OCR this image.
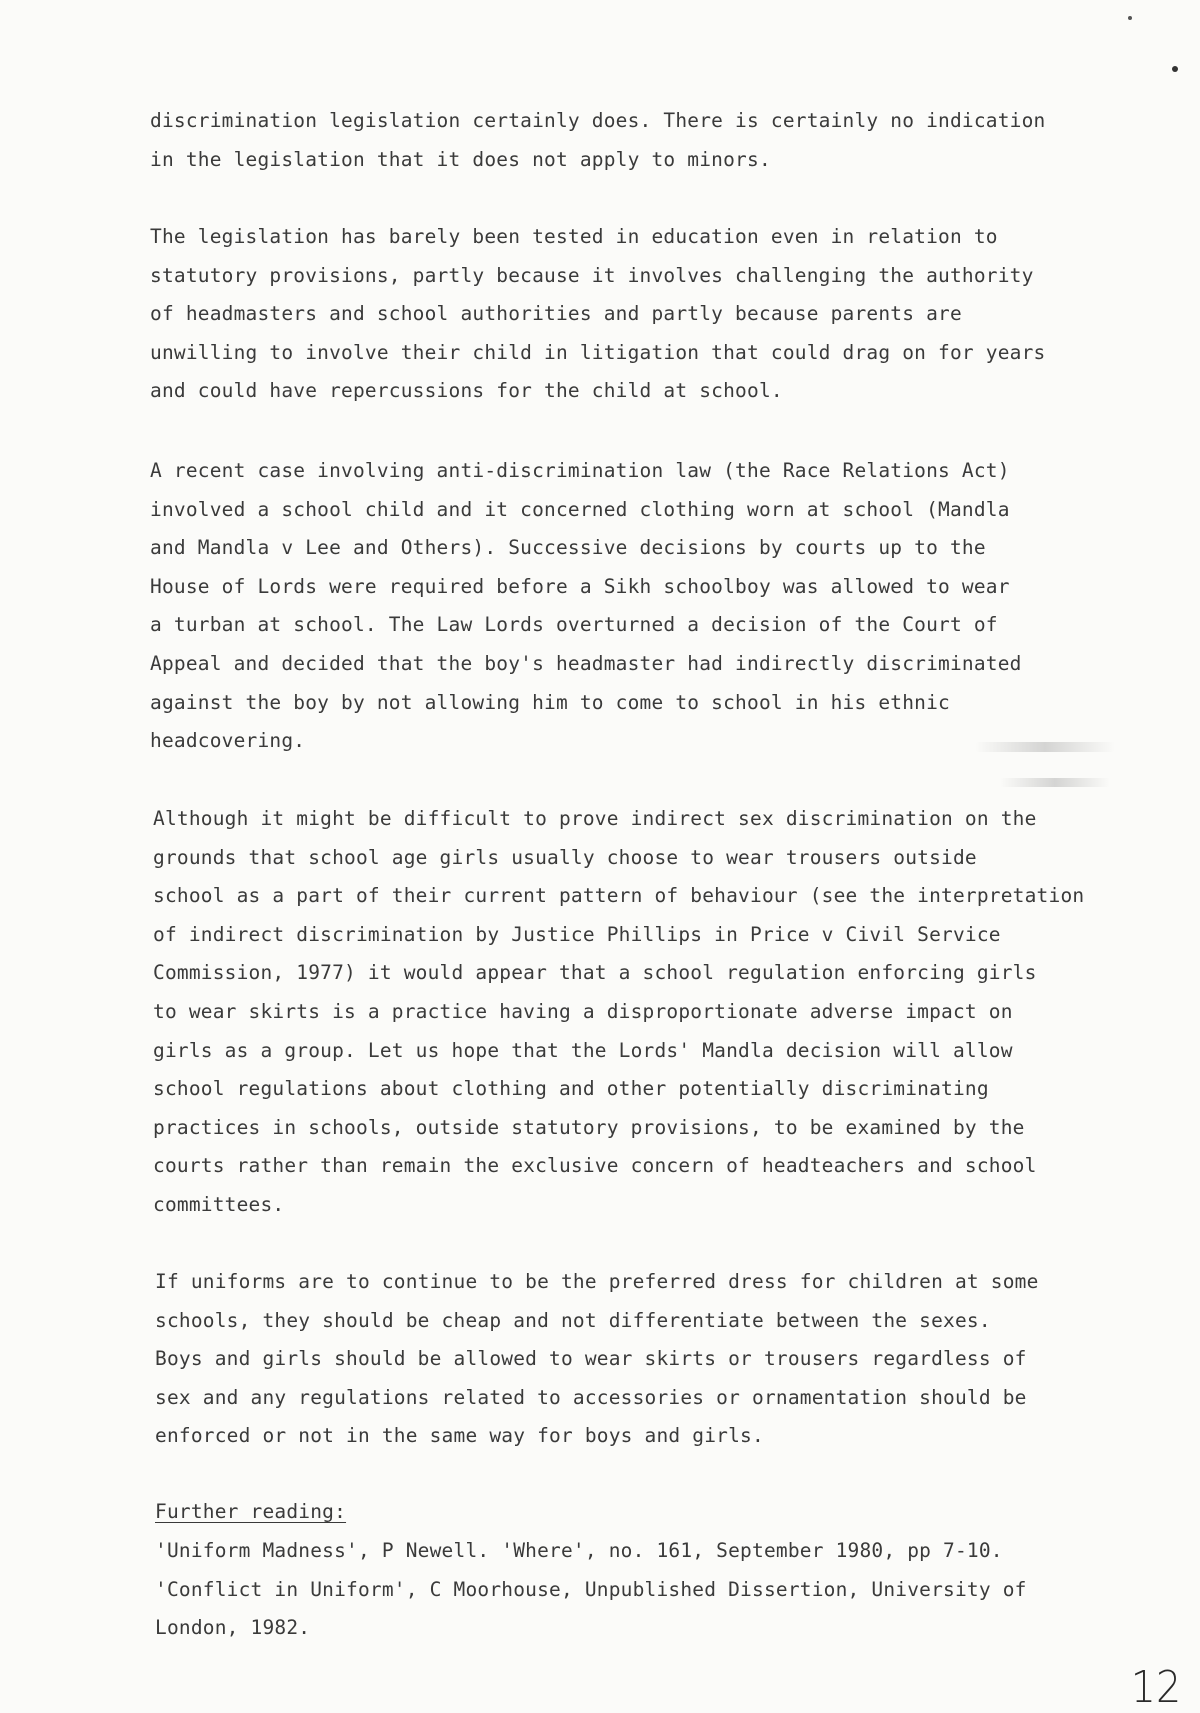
discrimination legislation certainly does. There is certainly no indication
in the legislation that it does not apply to minors.

The legislation has barely been tested in education even in relation to
statutory provisions, partly because it involves challenging the authority
of headmasters and school authorities and partly because parents are
unwilling to involve their child in litigation that could drag on for years
and could have repercussions for the child at school.

A recent case involving anti-discrimination law (the Race Relations Act)
involved a school child and it concerned clothing worn at school (Mandla
and Mandla v Lee and Others). Successive decisions by courts up to the
House of Lords were required before a Sikh schoolboy was allowed to wear
a turban at school. The Law Lords overturned a decision of the Court of
Appeal and decided that the boy's headmaster had indirectly discriminated
against the boy by not allowing him to come to school in his ethnic
headcovering.

Although it might be difficult to prove indirect sex discrimination on the
grounds that school age girls usually choose to wear trousers outside
school as a part of their current pattern of behaviour (see the interpretation
of indirect discrimination by Justice Phillips in Price v Civil Service
Commission, 1977) it would appear that a school regulation enforcing girls
to wear skirts is a practice having a disproportionate adverse impact on
girls as a group. Let us hope that the Lords' Mandla decision will allow
school regulations about clothing and other potentially discriminating
practices in schools, outside statutory provisions, to be examined by the
courts rather than remain the exclusive concern of headteachers and school
committees.

If uniforms are to continue to be the preferred dress for children at some
schools, they should be cheap and not differentiate between the sexes.
Boys and girls should be allowed to wear skirts or trousers regardless of
sex and any regulations related to accessories or ornamentation should be
enforced or not in the same way for boys and girls.

Further reading:

'Uniform Madness', P Newell. 'Where', no. 161, September 1980, pp 7-10.
'Conflict in Uniform', C Moorhouse, Unpublished Dissertion, University of
London, 1982.
12
